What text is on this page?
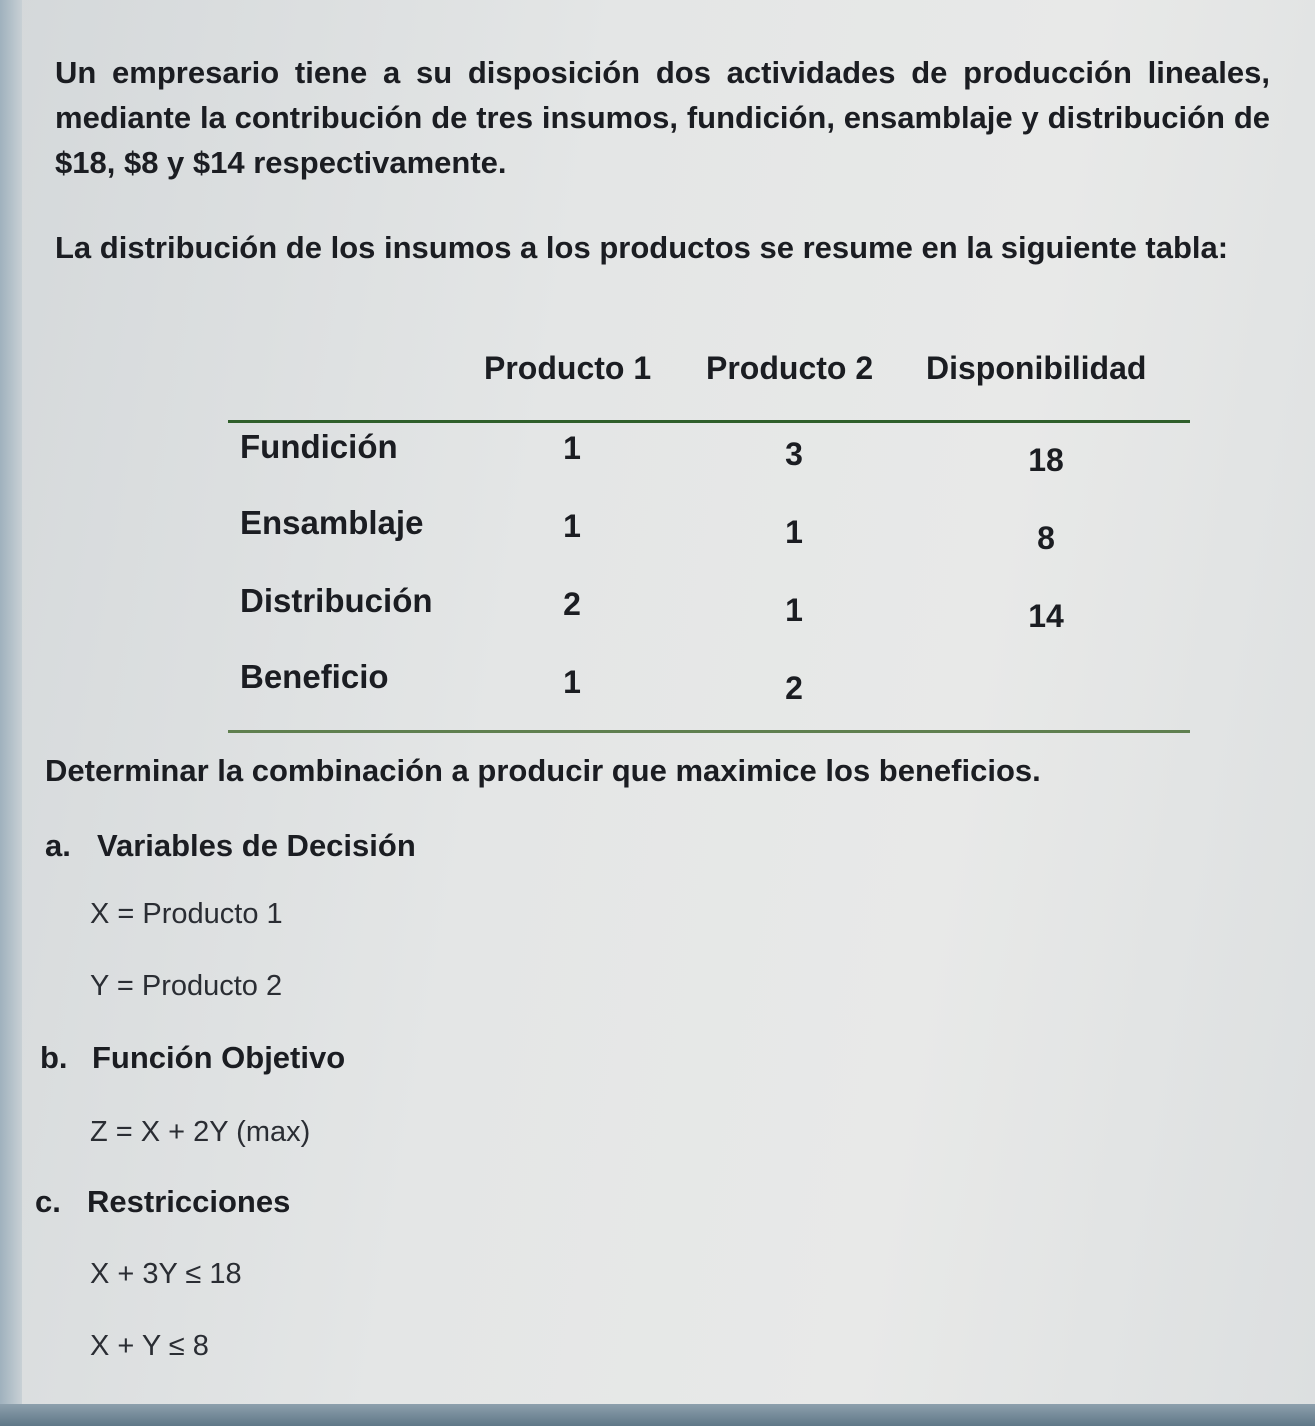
Un empresario tiene a su disposición dos actividades de producción lineales, mediante la contribución de tres insumos, fundición, ensamblaje y distribución de $18, $8 y $14 respectivamente.

La distribución de los insumos a los productos se resume en la siguiente tabla:

Producto 1 Producto 2 Disponibilidad
Fundición	1	3	18
Ensamblaje	1	1	8
Distribución	2	1	14
Beneficio	1	2
Determinar la combinación a producir que maximice los beneficios.
a. Variables de Decisión
X = Producto 1
Y = Producto 2
b. Función Objetivo
Z = X + 2Y (max)
c. Restricciones
X + 3Y ≤ 18
X + Y ≤ 8
